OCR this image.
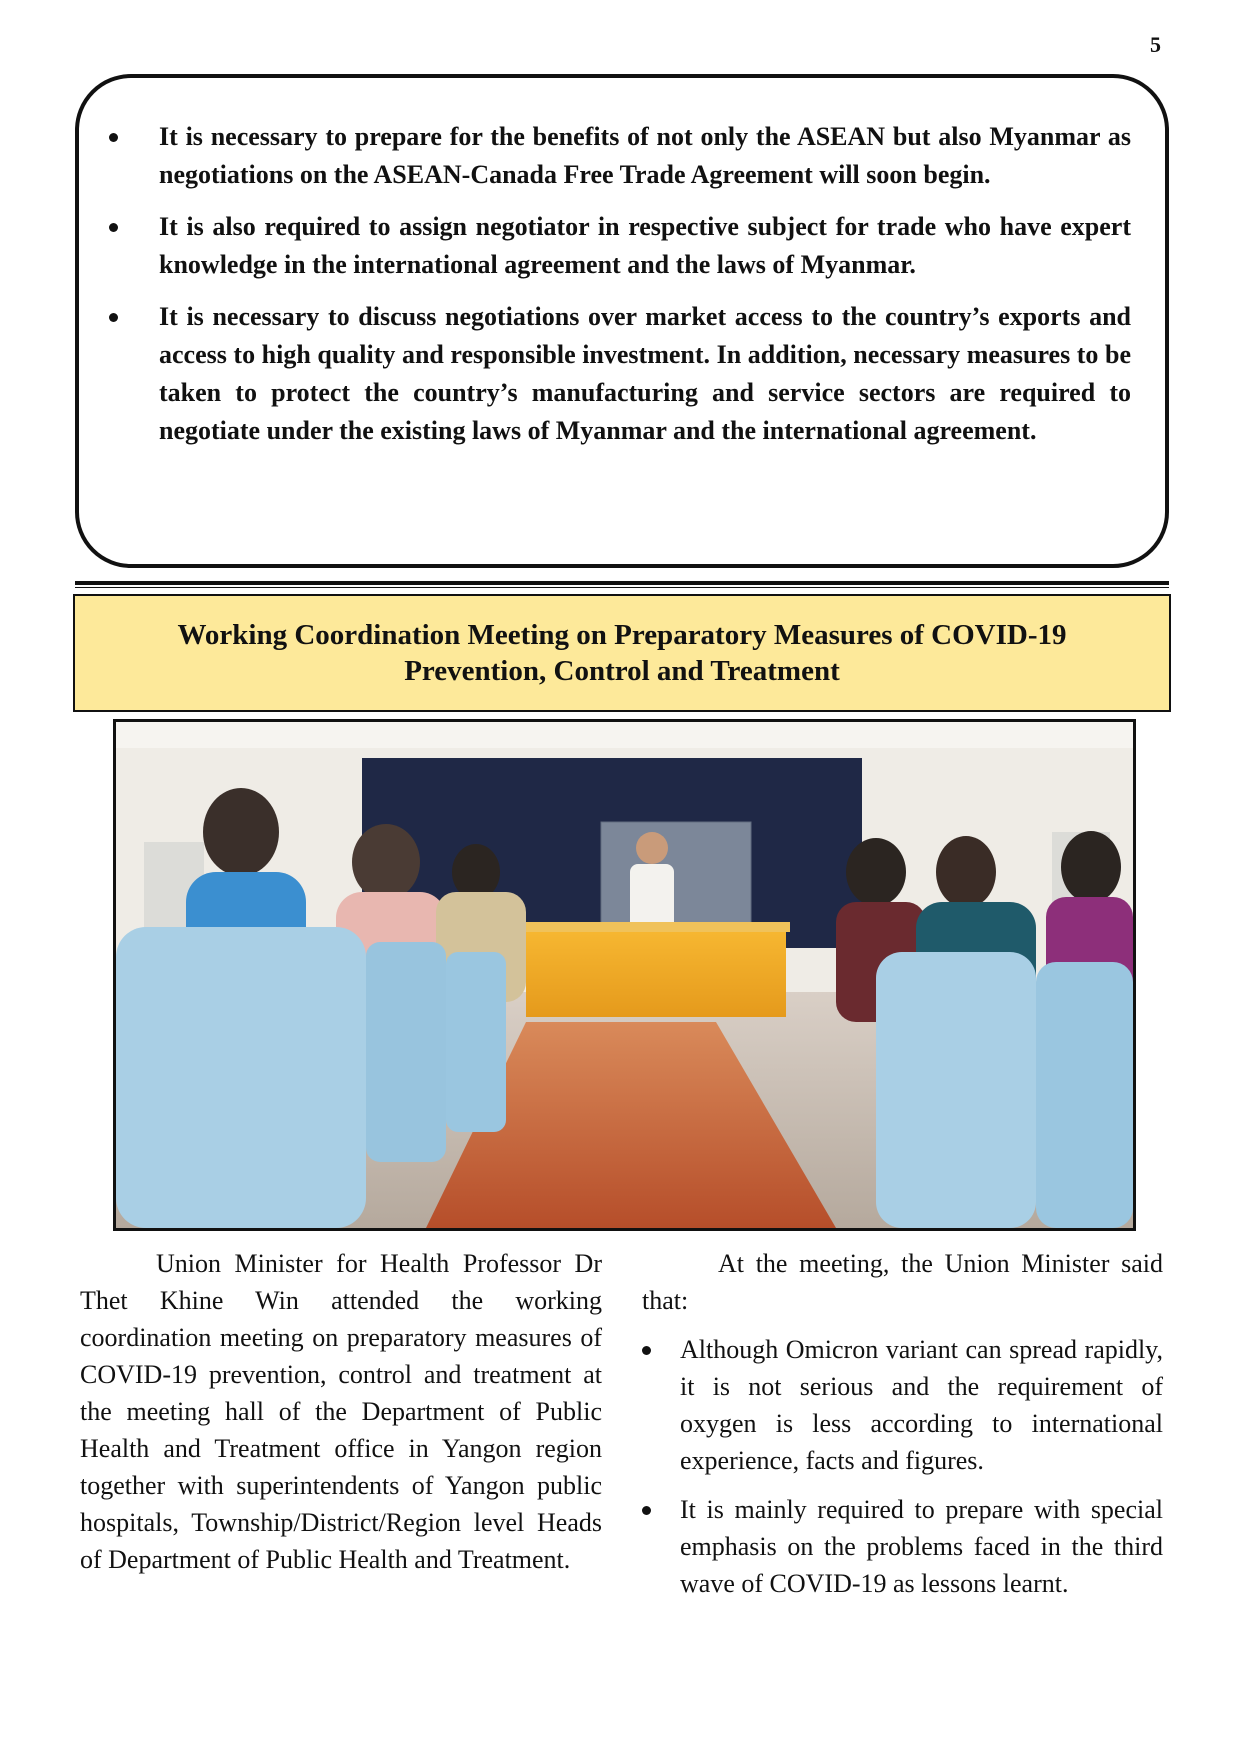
5
It is necessary to prepare for the benefits of not only the ASEAN but also Myanmar as negotiations on the ASEAN-Canada Free Trade Agreement will soon begin.
It is also required to assign negotiator in respective subject for trade who have expert knowledge in the international agreement and the laws of Myanmar.
It is necessary to discuss negotiations over market access to the country’s exports and access to high quality and responsible investment. In addition, necessary measures to be taken to protect the country’s manufacturing and service sectors are required to negotiate under the existing laws of Myanmar and the international agreement.
Working Coordination Meeting on Preparatory Measures of COVID-19
Prevention, Control and Treatment

Union Minister for Health Professor Dr Thet Khine Win attended the working coordination meeting on preparatory measures of COVID-19 prevention, control and treatment at the meeting hall of the Department of Public Health and Treatment office in Yangon region together with superintendents of Yangon public hospitals, Township/District/Region level Heads of Department of Public Health and Treatment.

At the meeting, the Union Minister said that:

Although Omicron variant can spread rapidly, it is not serious and the requirement of oxygen is less according to international experience, facts and figures.
It is mainly required to prepare with special emphasis on the problems faced in the third wave of COVID-19 as lessons learnt.
